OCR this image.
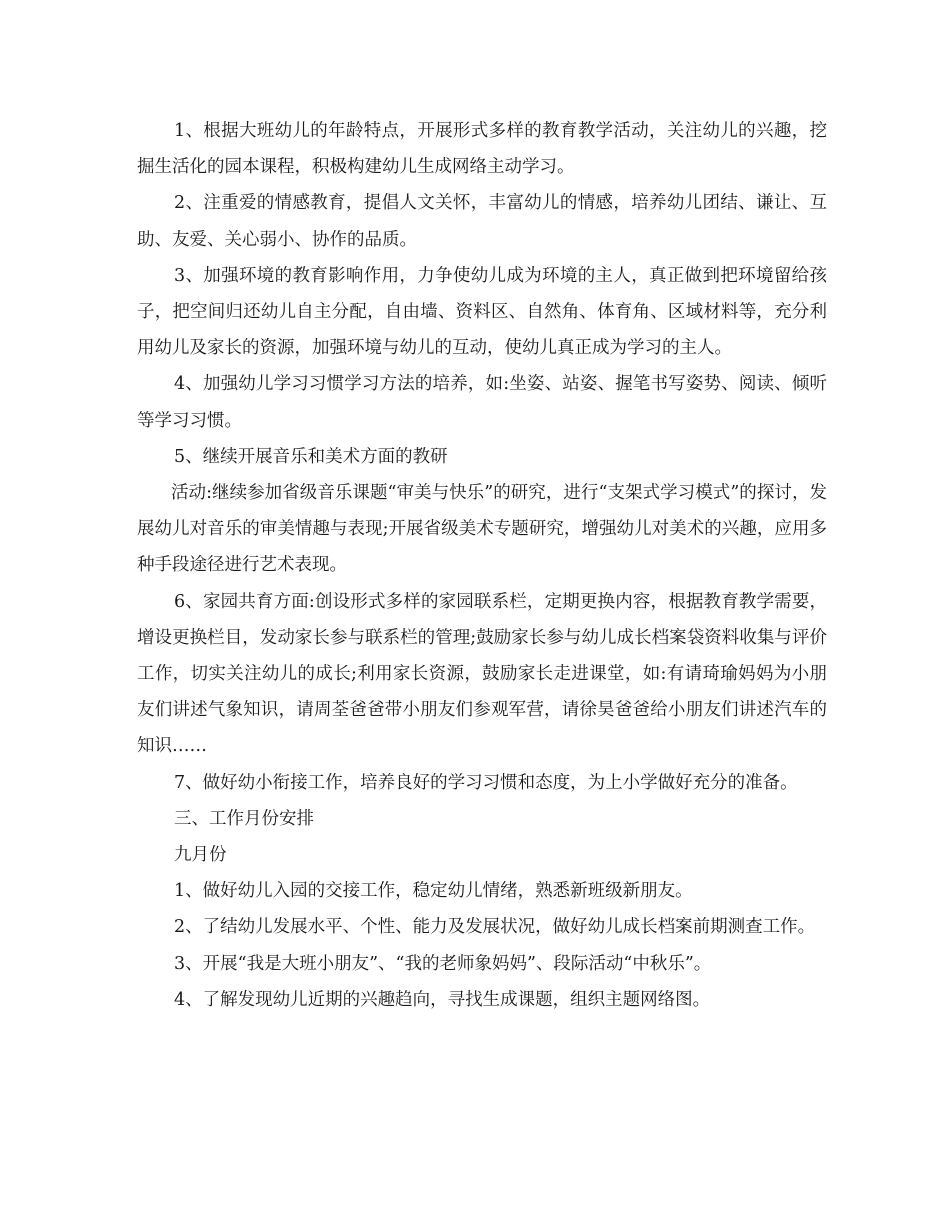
1、根据大班幼儿的年龄特点，开展形式多样的教育教学活动，关注幼儿的兴趣，挖掘生活化的园本课程，积极构建幼儿生成网络主动学习。

2、注重爱的情感教育，提倡人文关怀，丰富幼儿的情感，培养幼儿团结、谦让、互助、友爱、关心弱小、协作的品质。

3、加强环境的教育影响作用，力争使幼儿成为环境的主人，真正做到把环境留给孩子，把空间归还幼儿自主分配，自由墙、资料区、自然角、体育角、区域材料等，充分利用幼儿及家长的资源，加强环境与幼儿的互动，使幼儿真正成为学习的主人。

4、加强幼儿学习习惯学习方法的培养，如:坐姿、站姿、握笔书写姿势、阅读、倾听等学习习惯。

5、继续开展音乐和美术方面的教研

活动:继续参加省级音乐课题“审美与快乐”的研究，进行“支架式学习模式”的探讨，发展幼儿对音乐的审美情趣与表现;开展省级美术专题研究，增强幼儿对美术的兴趣，应用多种手段途径进行艺术表现。

6、家园共育方面:创设形式多样的家园联系栏，定期更换内容，根据教育教学需要，增设更换栏目，发动家长参与联系栏的管理;鼓励家长参与幼儿成长档案袋资料收集与评价工作，切实关注幼儿的成长;利用家长资源，鼓励家长走进课堂，如:有请琦瑜妈妈为小朋友们讲述气象知识，请周荃爸爸带小朋友们参观军营，请徐昊爸爸给小朋友们讲述汽车的知识……

7、做好幼小衔接工作，培养良好的学习习惯和态度，为上小学做好充分的准备。

三、工作月份安排

九月份

1、做好幼儿入园的交接工作，稳定幼儿情绪，熟悉新班级新朋友。

2、了结幼儿发展水平、个性、能力及发展状况，做好幼儿成长档案前期测查工作。

3、开展“我是大班小朋友”、“我的老师象妈妈”、段际活动“中秋乐”。

4、了解发现幼儿近期的兴趣趋向，寻找生成课题，组织主题网络图。
